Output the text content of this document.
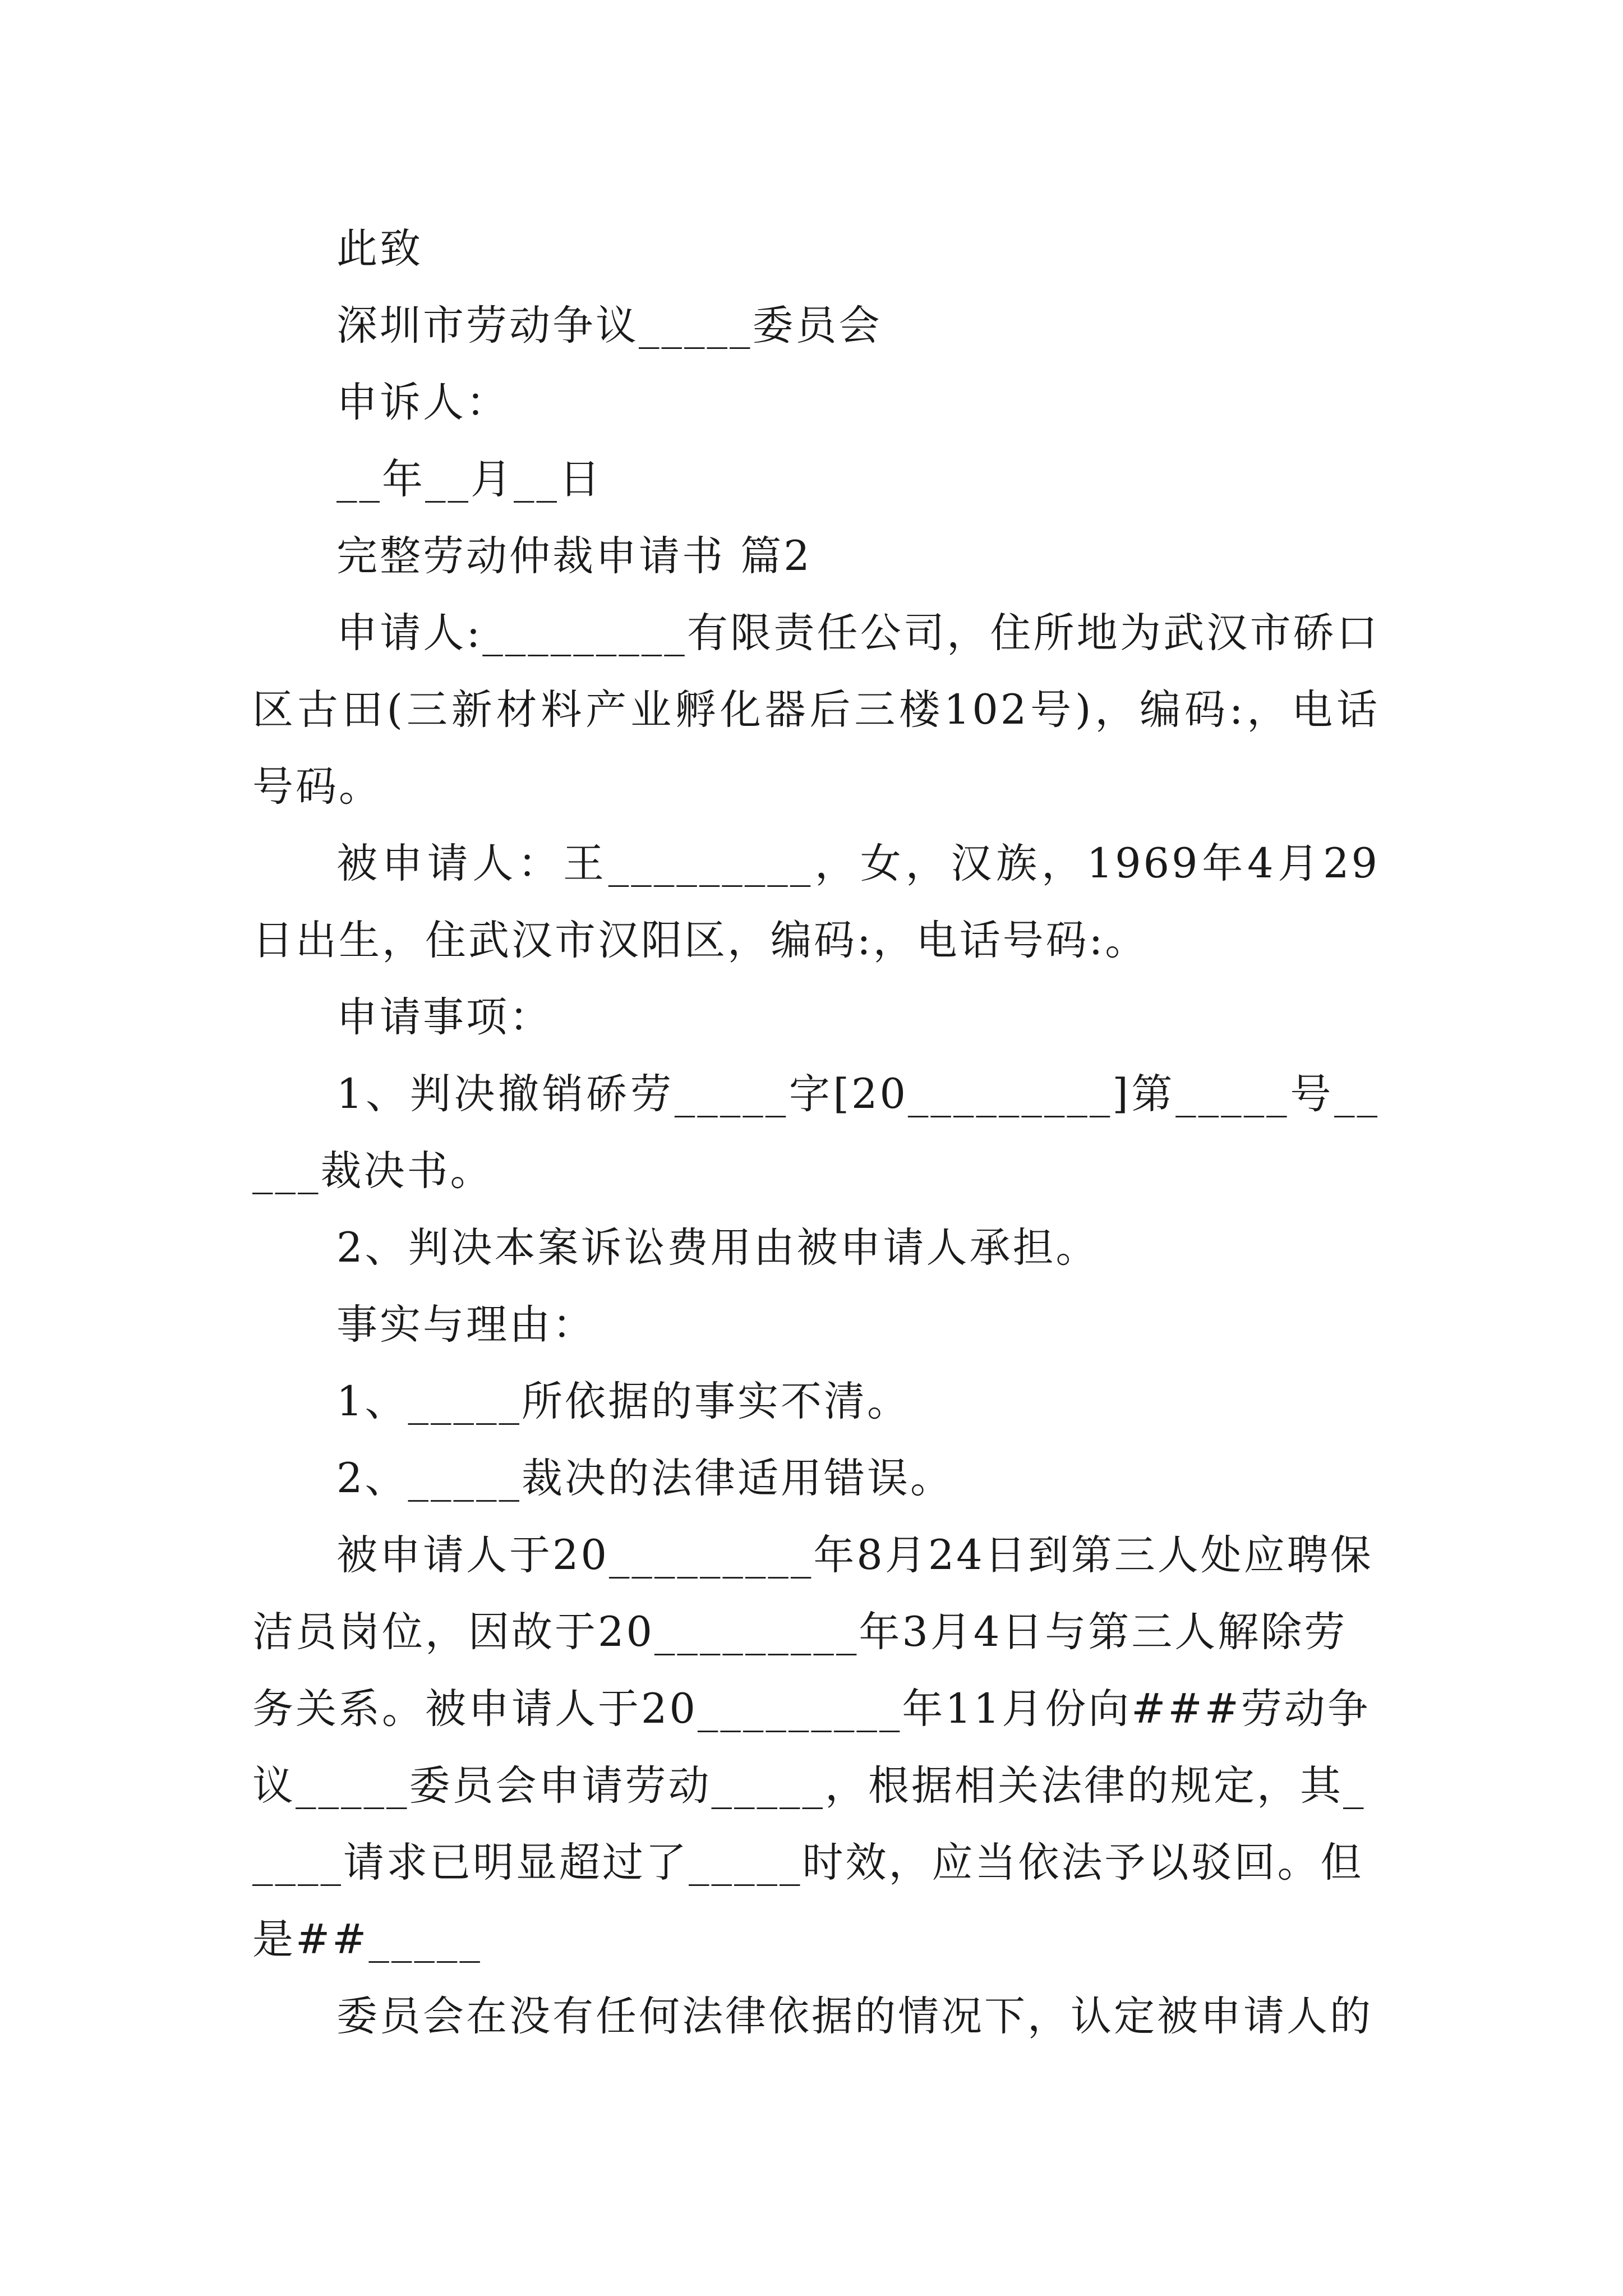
此致

深圳市劳动争议_____委员会

申诉人：

__年__月__日

完整劳动仲裁申请书 篇2

申请人:_________有限责任公司，住所地为武汉市硚口区古田(三新材料产业孵化器后三楼102号)，编码:，电话号码。

被申请人：王_________，女，汉族，1969年4月29日出生，住武汉市汉阳区，编码:，电话号码:。

申请事项：

1、判决撤销硚劳_____字[20_________]第_____号_____裁决书。

2、判决本案诉讼费用由被申请人承担。

事实与理由：

1、_____所依据的事实不清。

2、_____裁决的法律适用错误。

被申请人于20_________年8月24日到第三人处应聘保洁员岗位，因故于20_________年3月4日与第三人解除劳务关系。被申请人于20_________年11月份向###劳动争议_____委员会申请劳动_____，根据相关法律的规定，其_____请求已明显超过了_____时效，应当依法予以驳回。但是##_____

委员会在没有任何法律依据的情况下，认定被申请人的
